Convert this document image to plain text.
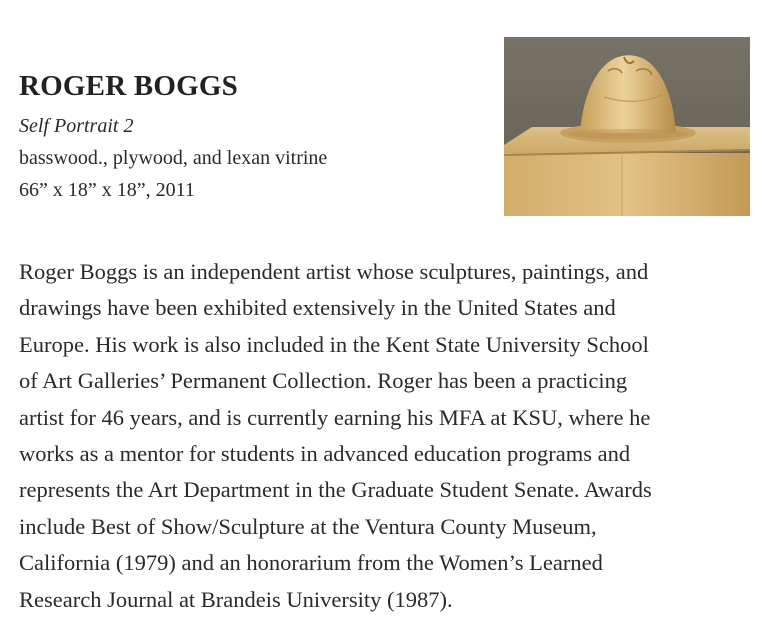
ROGER BOGGS

Self Portrait 2

basswood., plywood, and lexan vitrine

66” x 18” x 18”, 2011

Roger Boggs is an independent artist whose sculptures, paintings, and
drawings have been exhibited extensively in the United States and
Europe. His work is also included in the Kent State University School
of Art Galleries’ Permanent Collection. Roger has been a practicing
artist for 46 years, and is currently earning his MFA at KSU, where he
works as a mentor for students in advanced education programs and
represents the Art Department in the Graduate Student Senate. Awards
include Best of Show/Sculpture at the Ventura County Museum,
California (1979) and an honorarium from the Women’s Learned
Research Journal at Brandeis University (1987).
